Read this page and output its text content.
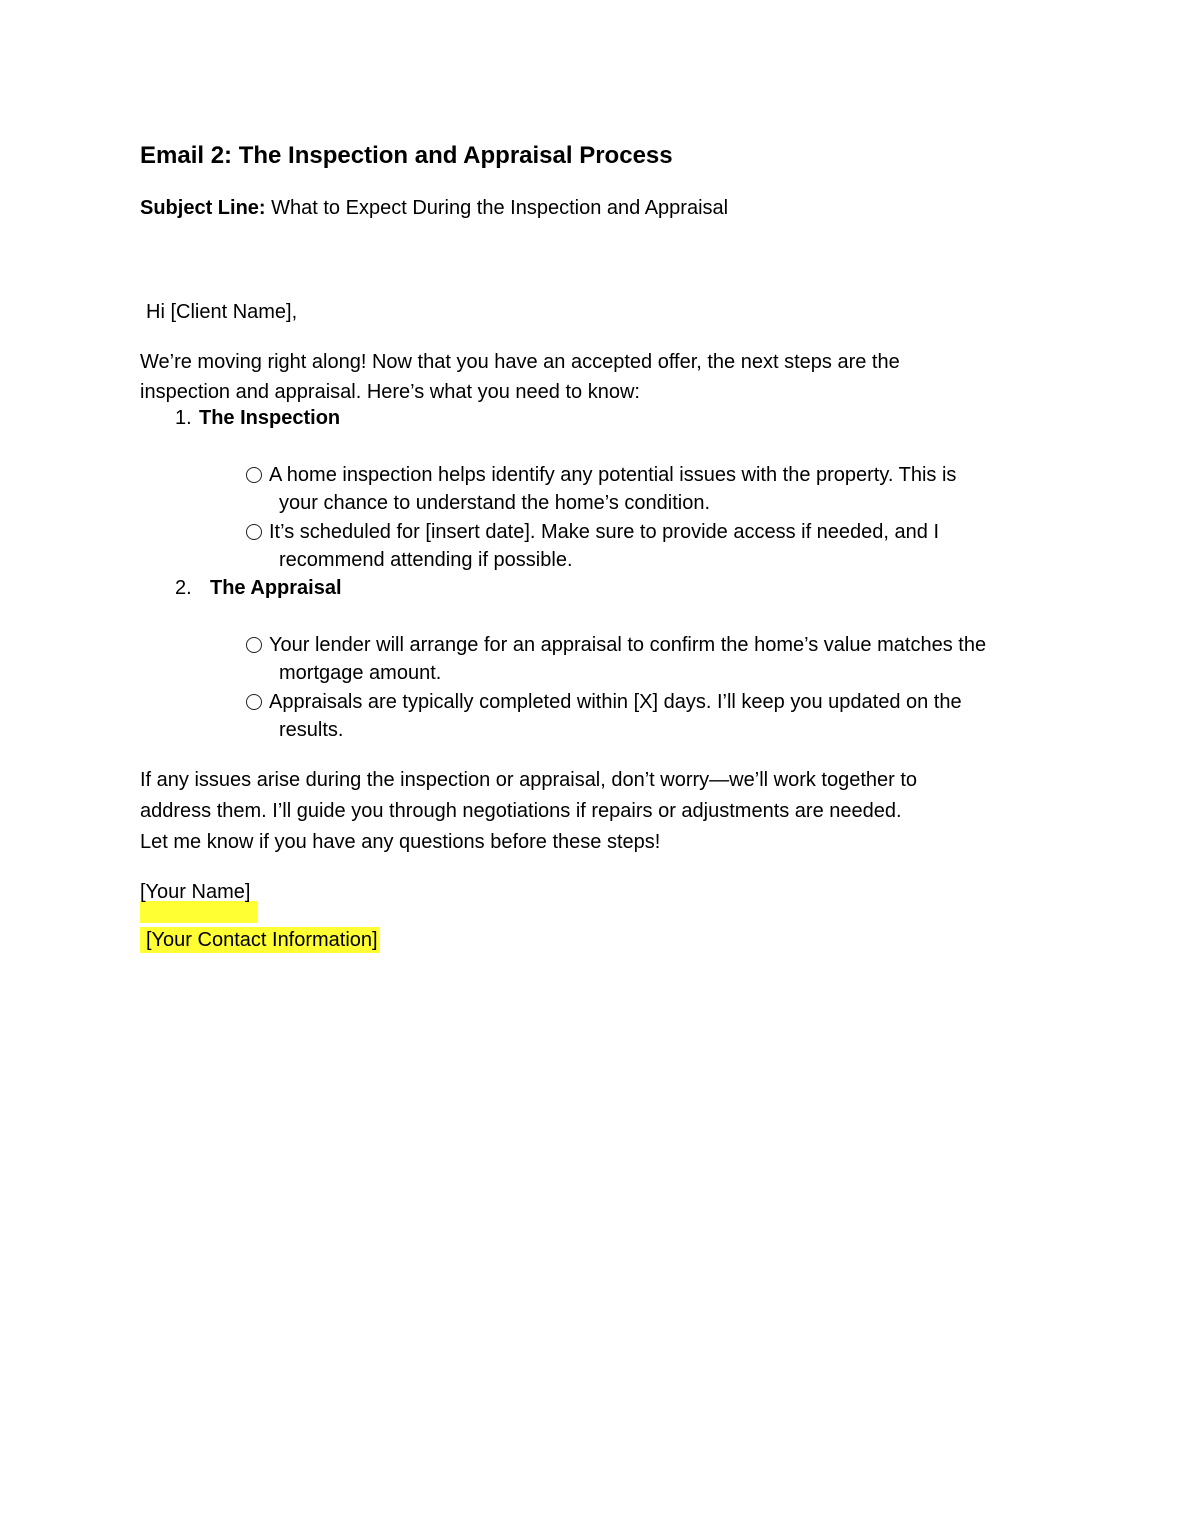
Email 2: The Inspection and Appraisal Process
Subject Line: What to Expect During the Inspection and Appraisal
Hi [Client Name],
We’re moving right along! Now that you have an accepted offer, the next steps are the
inspection and appraisal. Here’s what you need to know:
1. The Inspection
A home inspection helps identify any potential issues with the property. This is
your chance to understand the home’s condition.
It’s scheduled for [insert date]. Make sure to provide access if needed, and I
recommend attending if possible.
2. The Appraisal
Your lender will arrange for an appraisal to confirm the home’s value matches the
mortgage amount.
Appraisals are typically completed within [X] days. I’ll keep you updated on the
results.
If any issues arise during the inspection or appraisal, don’t worry—we’ll work together to
address them. I’ll guide you through negotiations if repairs or adjustments are needed.
Let me know if you have any questions before these steps!
[Your Name]
[Your Contact Information]
